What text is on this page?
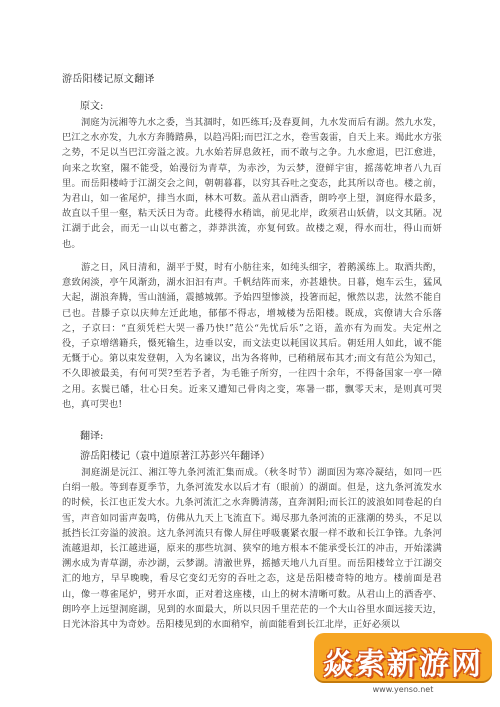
游岳阳楼记原文翻译
原文:
洞庭为沅湘等九水之委，当其涸时，如匹练耳;及春夏间，九水发而后有湖。然九水发，巴江之水亦发，九水方奔腾踏鼻，以趋冯阳;而巴江之水，卷雪轰雷，自天上来。竭此水方张之势，不足以当巴江旁溢之波。九水始若屏息敛衽，而不敢与之争。九水愈退，巴江愈进，向来之坎窒，隰不能受，始漫衍为青草，为赤沙，为云梦，澄鲜宇宙，摇荡乾坤者八九百里。而岳阳楼峙于江湖交会之间，朝朝暮暮，以穷其吞吐之变态，此其所以奇也。楼之前，为君山，如一雀尾炉，排当水面，林木可数。盖从君山酒香，朗吟亭上望，洞庭得水最多，故直以千里一壑，粘天沃日为奇。此楼得水稍诎，前见北岸，政须君山妖倩，以文其陋。况江湖于此会，而无一山以屯蓄之，莽莽洪流，亦复何致。故楼之观，得水而壮，得山而妍也。
游之日，风日清和，湖平于熨，时有小舫往来，如纯头细字，着鹅溪练上。取酒共酌，意致闲淡，亭午风渐劲，湖水汩汩有声。千帆结阵而来，亦甚雄快。日暮，炮车云生，猛风大起，湖浪奔腾，雪山汹涌，震撼城郭。予始四望惨淡，投箸而起，愀然以悲，汰然不能自已也。昔滕子京以庆帅左迁此地，郁郁不得志，增城楼为岳阳楼。既成，宾僚请大合乐落之，子京曰：“直须凭栏大哭一番乃快!”范公“先忧后乐”之语，盖亦有为而发。夫定州之役，子京增缮籍兵，慑死输生，边垂以安，而文法吏以耗国议其后。朝廷用人如此，诚不能无慨于心。第以束发登朝，入为名谏议，出为各将帅，已稍稍展布其才;而文有范公为知己，不久即被最美，有何可哭?至若予者，为毛锥子所穷，一往四十余年，不得备国家一亭一障之用。玄鬓已皤，壮心日矣。近来又遭知己骨肉之变，寒暑一郡，飘零天末，是则真可哭也，真可哭也!
翻译:
游岳阳楼记（袁中道原著江苏彭兴年翻译）
洞庭湖是沅江、湘江等九条河流汇集而成。（秋冬时节）湖面因为寒冷凝结，如同一匹白绢一般。等到春夏季节，九条河流发水以后才有（眼前）的湖面。但是，这九条河流发水的时候，长江也正发大水。九条河流汇之水奔腾清荡，直奔洞阳;而长江的波浪如同卷起的白雪，声音如同雷声轰鸣，仿佛从九天上飞流直下。竭尽那九条河流的正涨潮的势头，不足以抵挡长江旁溢的波浪。这九条河流只有像人屏住呼吸裹紧衣服一样不敢和长江争锋。九条河流越退却，长江越进逼，原来的那些坑洞、狭窄的地方根本不能承受长江的冲击，开始漾满溯水成为青草湖，赤沙湖，云梦湖。清澈世界，摇撼天地八九百里。而岳阳楼耸立于江湖交汇的地方，早早晚晚，看尽它变幻无穷的吞吐之态，这是岳阳楼奇特的地方。楼前面是君山，像一尊雀尾炉，劈开水面，正对着这座楼，山上的树木清晰可数。从君山上的酒香亭、朗吟亭上远望洞庭湖，见到的水面最大，所以只因千里茫茫的一个大山谷里水面远接天边，日光沐浴其中为奇妙。岳阳楼见到的水面稍窄，前面能看到长江北岸，正好必须以
焱索新游网
www.yenso.net
